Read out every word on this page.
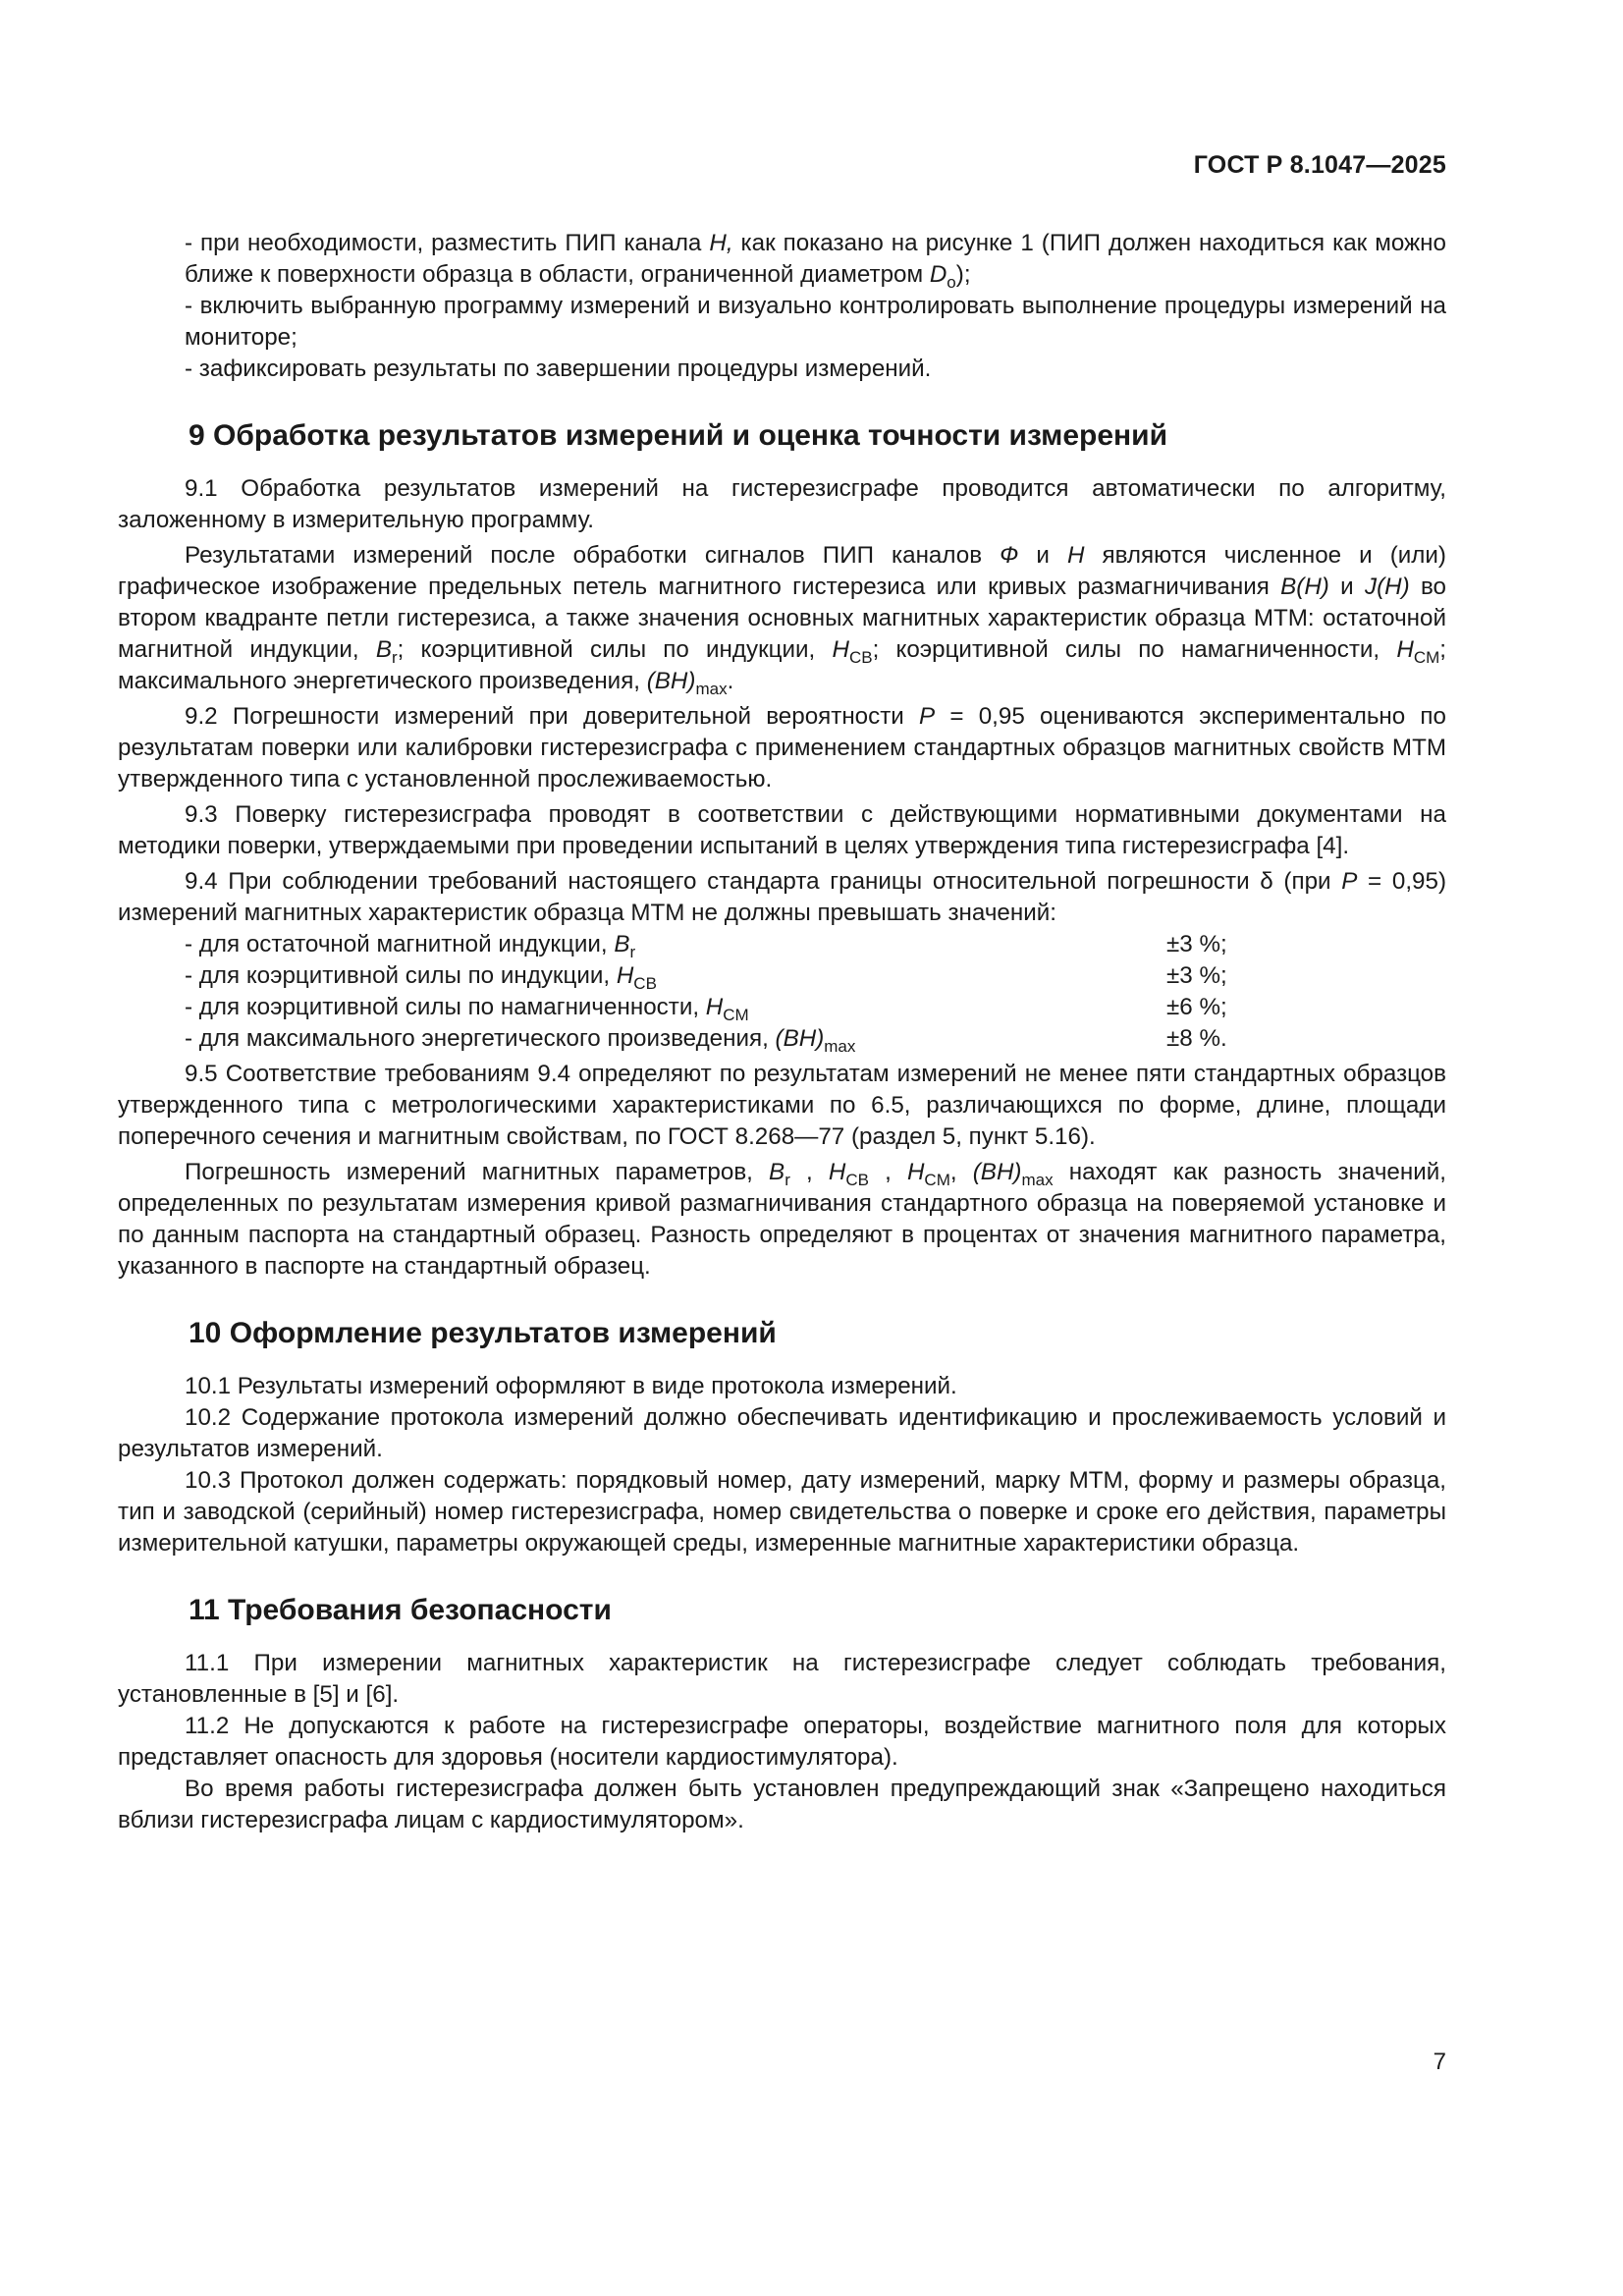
ГОСТ Р 8.1047—2025

- при необходимости, разместить ПИП канала H, как показано на рисунке 1 (ПИП должен находиться как можно ближе к поверхности образца в области, ограниченной диаметром $D_o$);

- включить выбранную программу измерений и визуально контролировать выполнение процедуры измерений на мониторе;

- зафиксировать результаты по завершении процедуры измерений.

9 Обработка результатов измерений и оценка точности измерений

9.1 Обработка результатов измерений на гистерезисграфе проводится автоматически по алгоритму, заложенному в измерительную программу.

Результатами измерений после обработки сигналов ПИП каналов Ф и Н являются численное и (или) графическое изображение предельных петель магнитного гистерезиса или кривых размагничивания B(H) и J(H) во втором квадранте петли гистерезиса, а также значения основных магнитных характеристик образца МТМ: остаточной магнитной индукции, $B_r$; коэрцитивной силы по индукции, $H_{CB}$; коэрцитивной силы по намагниченности, $H_{CM}$; максимального энергетического произведения, $(BH)_{max}$.

9.2 Погрешности измерений при доверительной вероятности P = 0,95 оцениваются экспериментально по результатам поверки или калибровки гистерезисграфа с применением стандартных образцов магнитных свойств МТМ утвержденного типа с установленной прослеживаемостью.

9.3 Поверку гистерезисграфа проводят в соответствии с действующими нормативными документами на методики поверки, утверждаемыми при проведении испытаний в целях утверждения типа гистерезисграфа [4].

9.4 При соблюдении требований настоящего стандарта границы относительной погрешности δ (при P = 0,95) измерений магнитных характеристик образца МТМ не должны превышать значений:

- для остаточной магнитной индукции, $B_r$	±3 %;
- для коэрцитивной силы по индукции, $H_{CB}$	±3 %;
- для коэрцитивной силы по намагниченности, $H_{CM}$	±6 %;
- для максимального энергетического произведения, $(BH)_{max}$	±8 %.

9.5 Соответствие требованиям 9.4 определяют по результатам измерений не менее пяти стандартных образцов утвержденного типа с метрологическими характеристиками по 6.5, различающихся по форме, длине, площади поперечного сечения и магнитным свойствам, по ГОСТ 8.268—77 (раздел 5, пункт 5.16).

Погрешность измерений магнитных параметров, $B_r$ , $H_{CB}$ , $H_{CM}$, $(BH)_{max}$ находят как разность значений, определенных по результатам измерения кривой размагничивания стандартного образца на поверяемой установке и по данным паспорта на стандартный образец. Разность определяют в процентах от значения магнитного параметра, указанного в паспорте на стандартный образец.

10 Оформление результатов измерений

10.1 Результаты измерений оформляют в виде протокола измерений.

10.2 Содержание протокола измерений должно обеспечивать идентификацию и прослеживаемость условий и результатов измерений.

10.3 Протокол должен содержать: порядковый номер, дату измерений, марку МТМ, форму и размеры образца, тип и заводской (серийный) номер гистерезисграфа, номер свидетельства о поверке и сроке его действия, параметры измерительной катушки, параметры окружающей среды, измеренные магнитные характеристики образца.

11 Требования безопасности

11.1 При измерении магнитных характеристик на гистерезисграфе следует соблюдать требования, установленные в [5] и [6].

11.2 Не допускаются к работе на гистерезисграфе операторы, воздействие магнитного поля для которых представляет опасность для здоровья (носители кардиостимулятора).

Во время работы гистерезисграфа должен быть установлен предупреждающий знак «Запрещено находиться вблизи гистерезисграфа лицам с кардиостимулятором».

7
